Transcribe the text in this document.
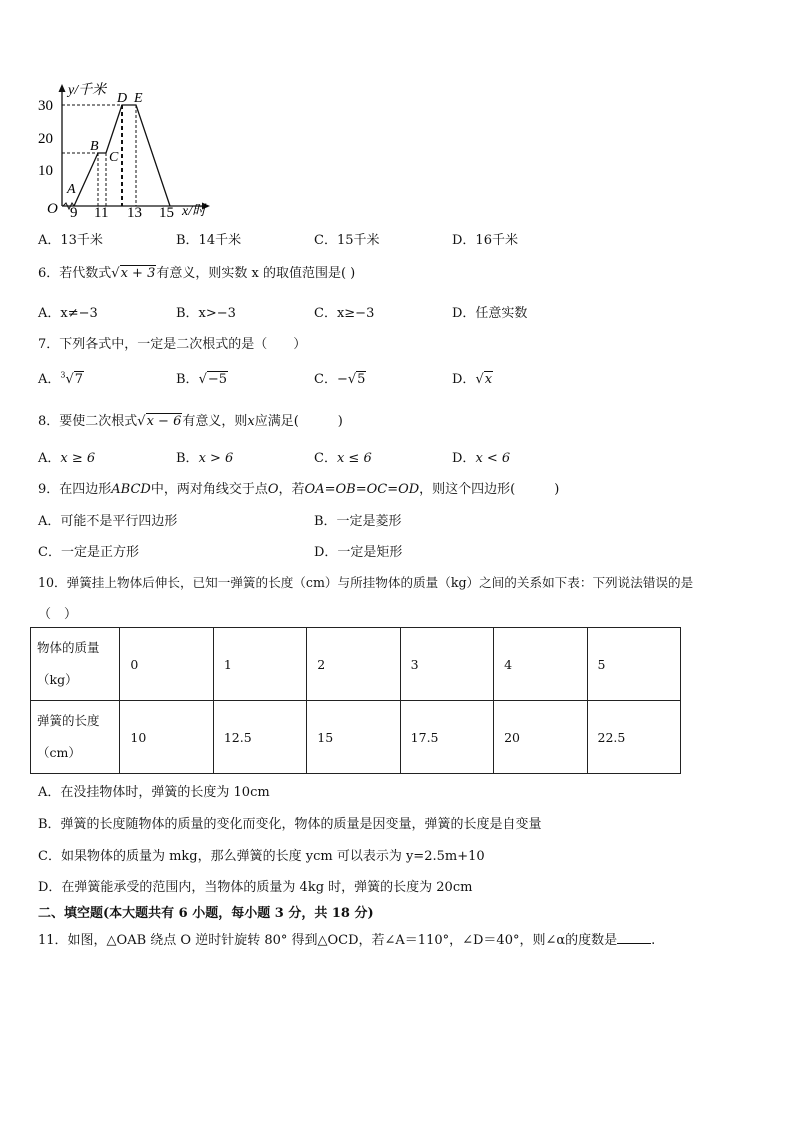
y/千米
30
20
10
O 9 11 13 15 x/时
A
B
C
D E
A．13千米	B．14千米	C．15千米	D．16千米
6．若代数式√x + 3有意义，则实数 x 的取值范围是( )
A．x≠−3	B．x>−3	C．x≥−3	D．任意实数
7．下列各式中，一定是二次根式的是（　　）
A．$^3$√7	B．√−5	C．−√5	D．√x
8．要使二次根式√x − 6有意义，则x应满足(　　　)
A．x ≥ 6	B．x > 6	C．x ≤ 6	D．x < 6
9．在四边形ABCD中，两对角线交于点O，若OA=OB=OC=OD，则这个四边形(　　　)
A．可能不是平行四边形	B．一定是菱形
C．一定是正方形	D．一定是矩形
10．弹簧挂上物体后伸长，已知一弹簧的长度（cm）与所挂物体的质量（kg）之间的关系如下表：下列说法错误的是
（　）
物体的质量
（kg）	0	1	2	3	4	5

弹簧的长度
（cm）	10	12.5	15	17.5	20	22.5
A．在没挂物体时，弹簧的长度为 10cm
B．弹簧的长度随物体的质量的变化而变化，物体的质量是因变量，弹簧的长度是自变量
C．如果物体的质量为 mkg，那么弹簧的长度 ycm 可以表示为 y=2.5m+10
D．在弹簧能承受的范围内，当物体的质量为 4kg 时，弹簧的长度为 20cm
二、填空题(本大题共有 6 小题，每小题 3 分，共 18 分)
11．如图，△OAB 绕点 O 逆时针旋转 80° 得到△OCD，若∠A＝110°，∠D＝40°，则∠α的度数是	.
